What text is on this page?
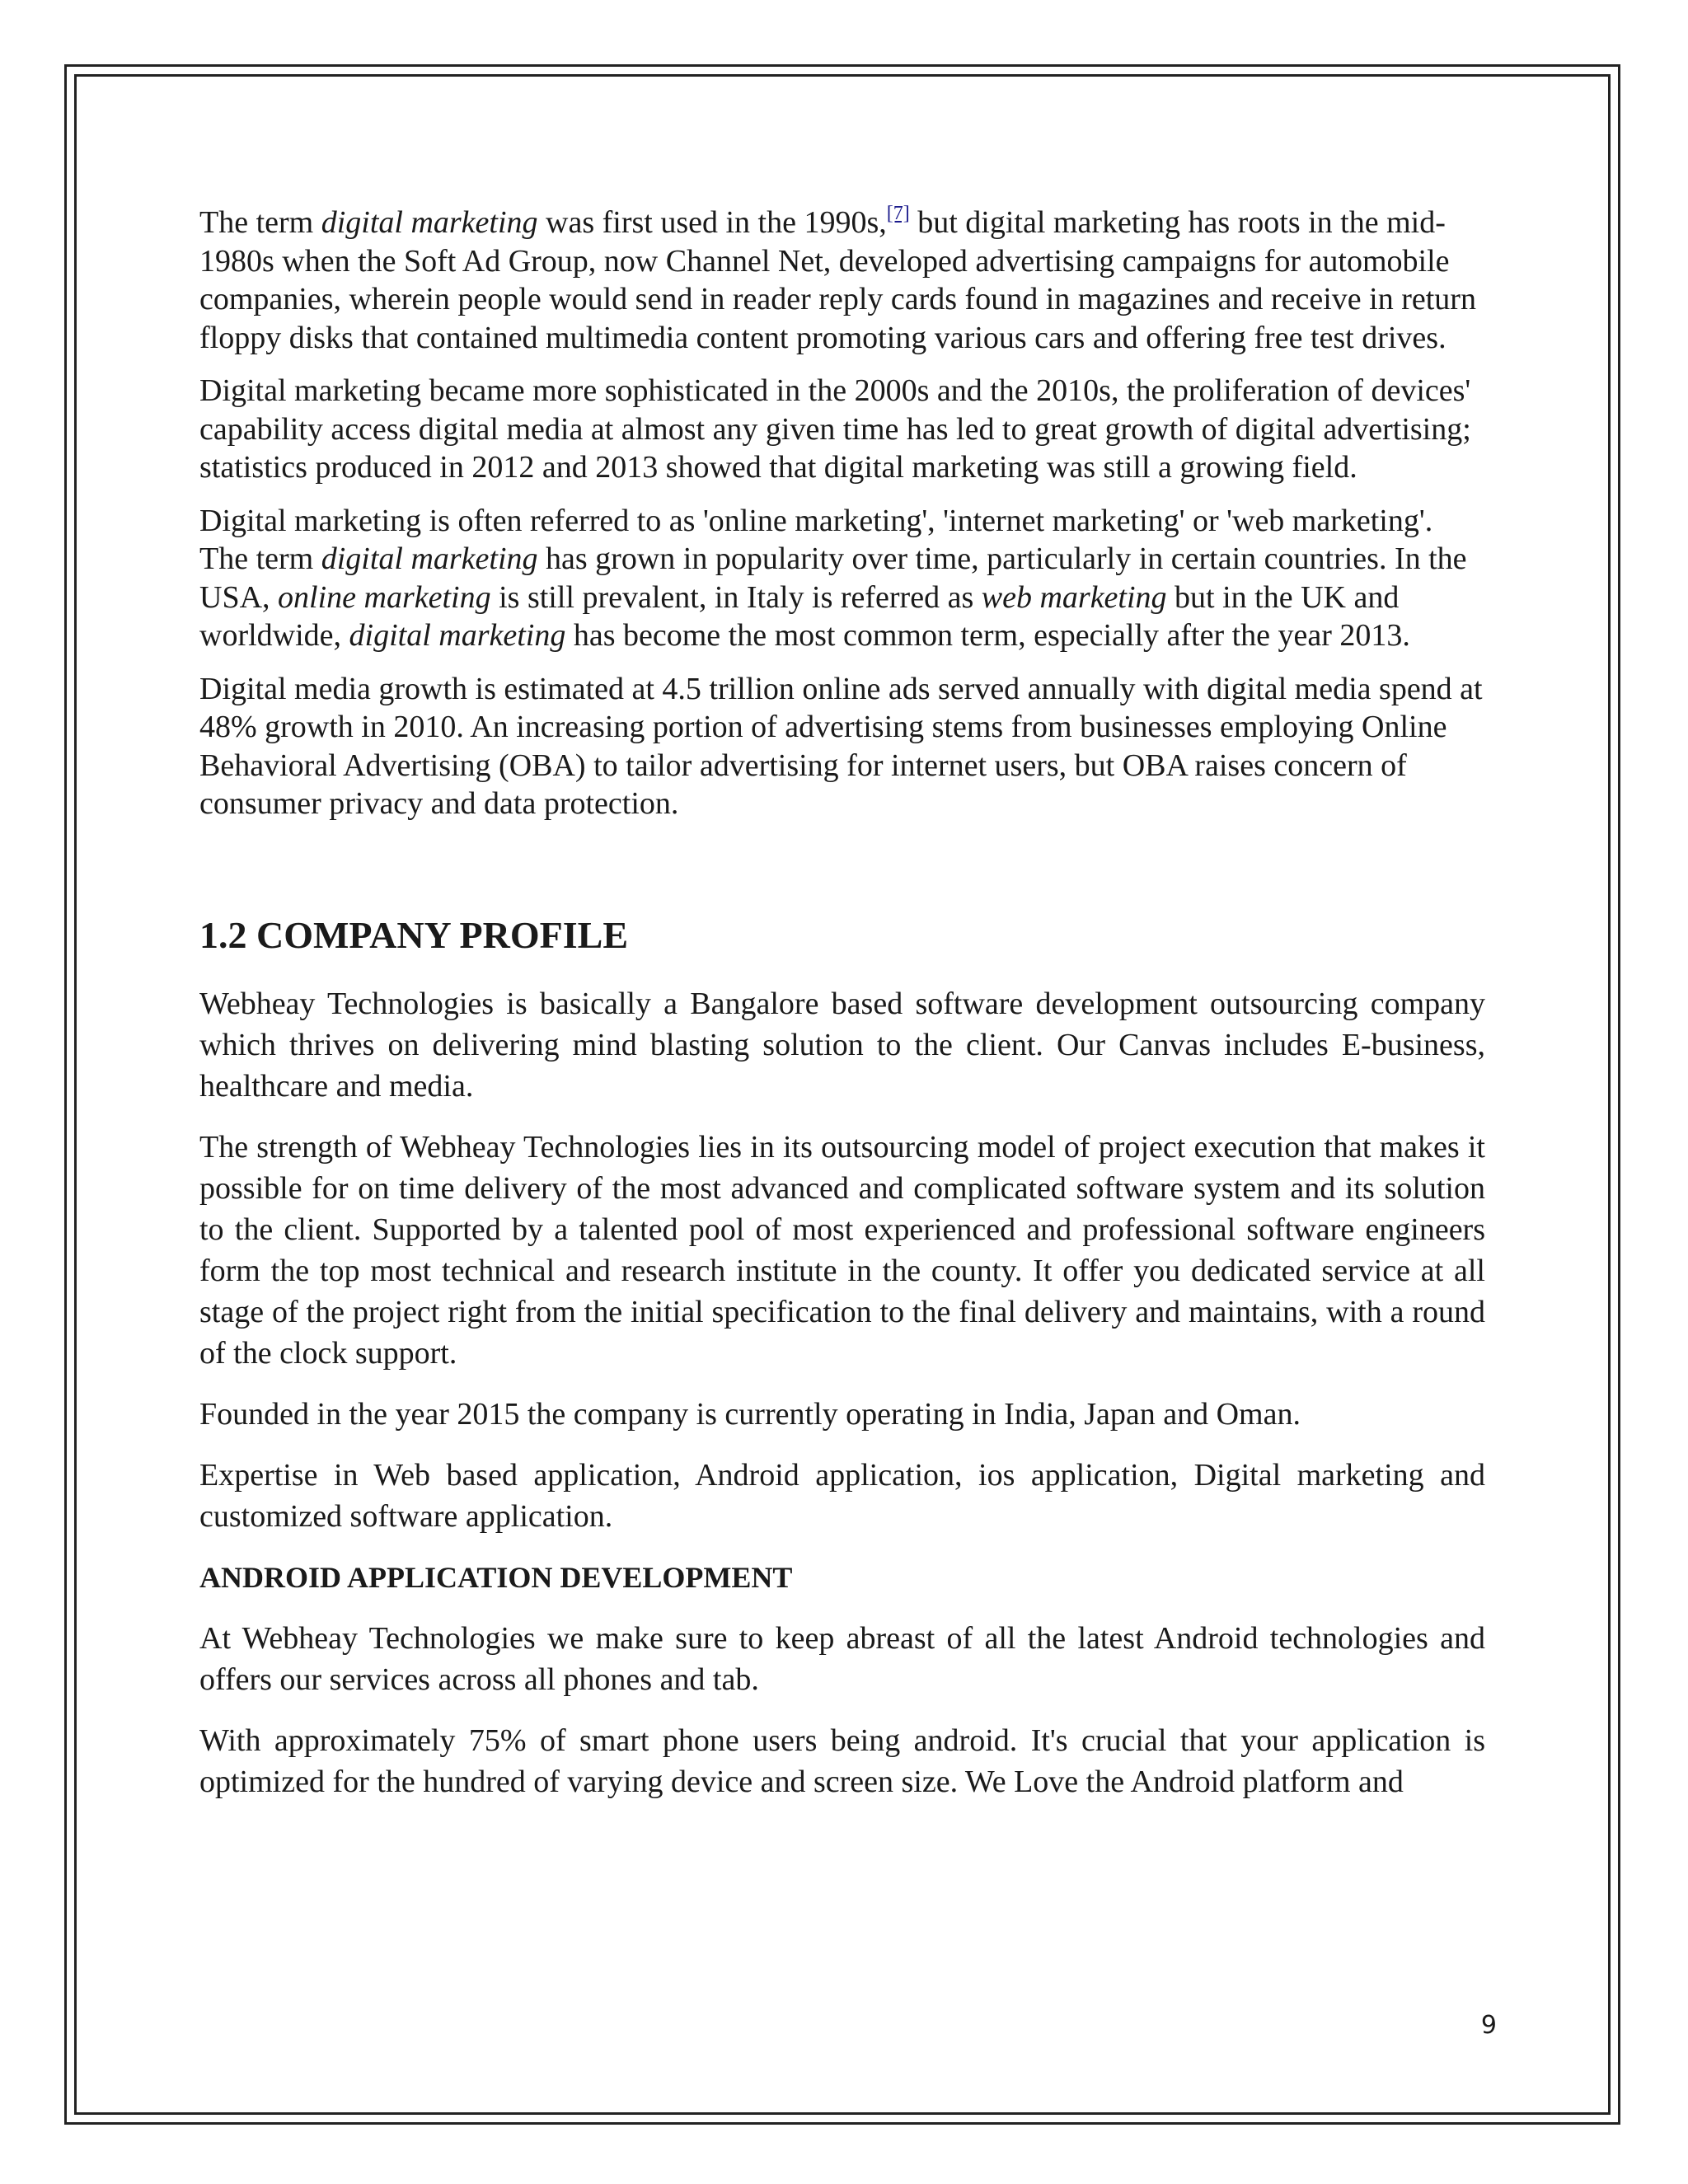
The term digital marketing was first used in the 1990s,[7] but digital marketing has roots in the mid-1980s when the Soft Ad Group, now Channel Net, developed advertising campaigns for automobile companies, wherein people would send in reader reply cards found in magazines and receive in return floppy disks that contained multimedia content promoting various cars and offering free test drives.

Digital marketing became more sophisticated in the 2000s and the 2010s, the proliferation of devices' capability access digital media at almost any given time has led to great growth of digital advertising; statistics produced in 2012 and 2013 showed that digital marketing was still a growing field.

Digital marketing is often referred to as 'online marketing', 'internet marketing' or 'web marketing'. The term digital marketing has grown in popularity over time, particularly in certain countries. In the USA, online marketing is still prevalent, in Italy is referred as web marketing but in the UK and worldwide, digital marketing has become the most common term, especially after the year 2013.

Digital media growth is estimated at 4.5 trillion online ads served annually with digital media spend at 48% growth in 2010. An increasing portion of advertising stems from businesses employing Online Behavioral Advertising (OBA) to tailor advertising for internet users, but OBA raises concern of consumer privacy and data protection.

1.2 COMPANY PROFILE

Webheay Technologies is basically a Bangalore based software development outsourcing company which thrives on delivering mind blasting solution to the client. Our Canvas includes E-business, healthcare and media.

The strength of Webheay Technologies lies in its outsourcing model of project execution that makes it possible for on time delivery of the most advanced and complicated software system and its solution to the client. Supported by a talented pool of most experienced and professional software engineers form the top most technical and research institute in the county. It offer you dedicated service at all stage of the project right from the initial specification to the final delivery and maintains, with a round of the clock support.

Founded in the year 2015 the company is currently operating in India, Japan and Oman.

Expertise in Web based application, Android application, ios application, Digital marketing and customized software application.

ANDROID APPLICATION DEVELOPMENT

At Webheay Technologies we make sure to keep abreast of all the latest Android technologies and offers our services across all phones and tab.

With approximately 75% of smart phone users being android. It's crucial that your application is optimized for the hundred of varying device and screen size. We Love the Android platform and

9
